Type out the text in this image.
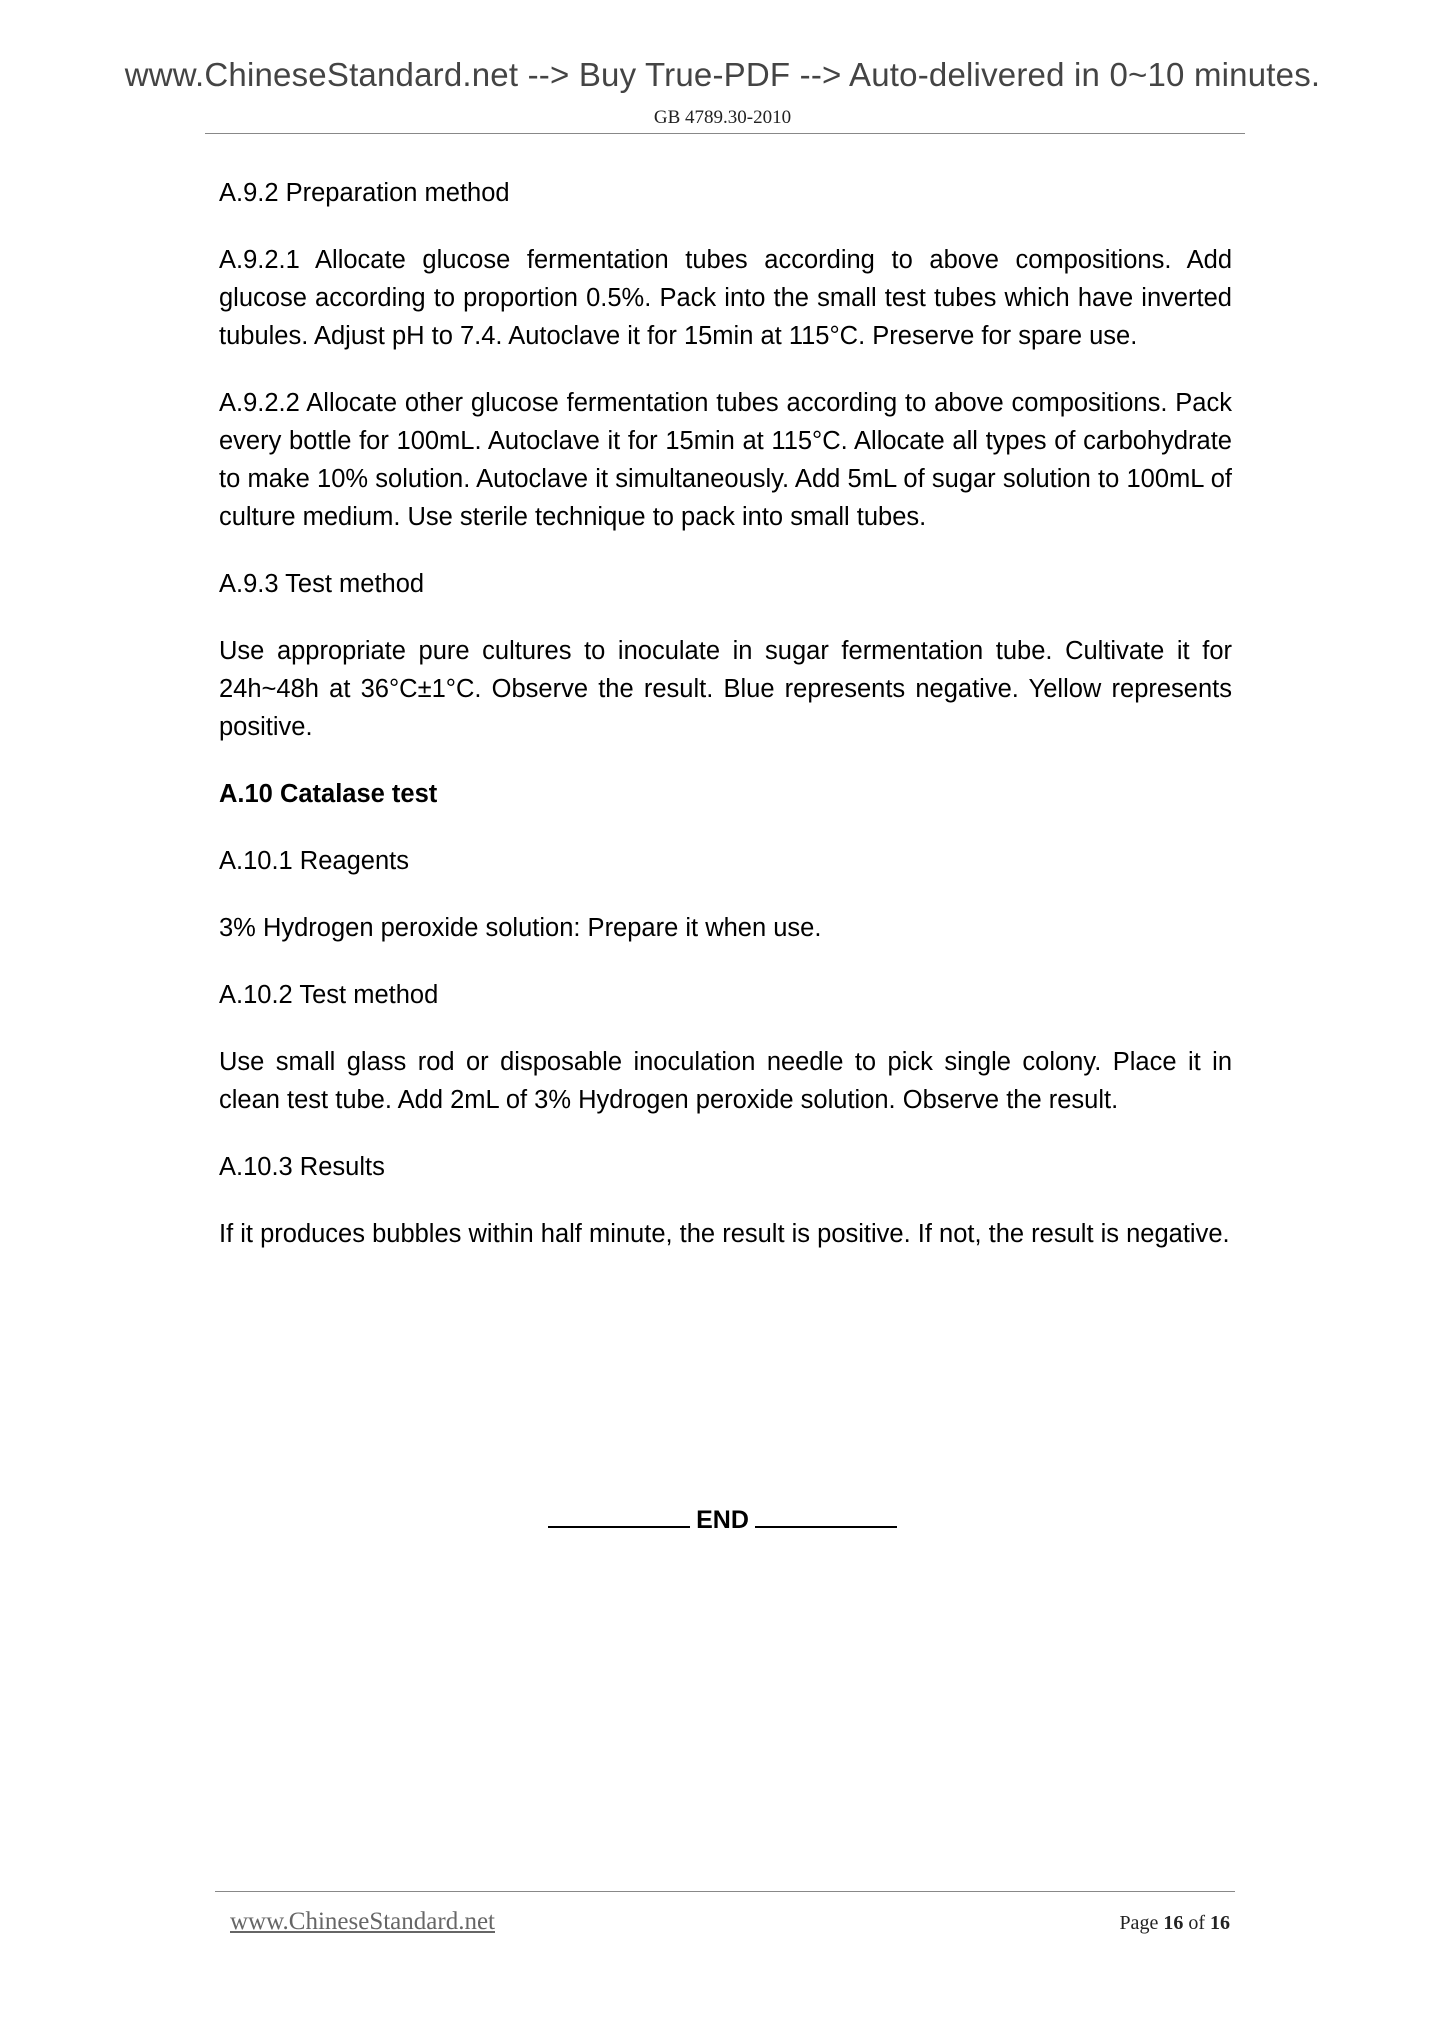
www.ChineseStandard.net --> Buy True-PDF --> Auto-delivered in 0~10 minutes.
GB 4789.30-2010

A.9.2 Preparation method

A.9.2.1 Allocate glucose fermentation tubes according to above compositions. Add glucose according to proportion 0.5%. Pack into the small test tubes which have inverted tubules. Adjust pH to 7.4. Autoclave it for 15min at 115°C. Preserve for spare use.

A.9.2.2 Allocate other glucose fermentation tubes according to above compositions. Pack every bottle for 100mL. Autoclave it for 15min at 115°C. Allocate all types of carbohydrate to make 10% solution. Autoclave it simultaneously. Add 5mL of sugar solution to 100mL of culture medium. Use sterile technique to pack into small tubes.

A.9.3 Test method

Use appropriate pure cultures to inoculate in sugar fermentation tube. Cultivate it for 24h~48h at 36°C±1°C. Observe the result. Blue represents negative. Yellow represents positive.

A.10 Catalase test

A.10.1 Reagents

3% Hydrogen peroxide solution: Prepare it when use.

A.10.2 Test method

Use small glass rod or disposable inoculation needle to pick single colony. Place it in clean test tube. Add 2mL of 3% Hydrogen peroxide solution. Observe the result.

A.10.3 Results

If it produces bubbles within half minute, the result is positive. If not, the result is negative.

END
www.ChineseStandard.net	Page 16 of 16
